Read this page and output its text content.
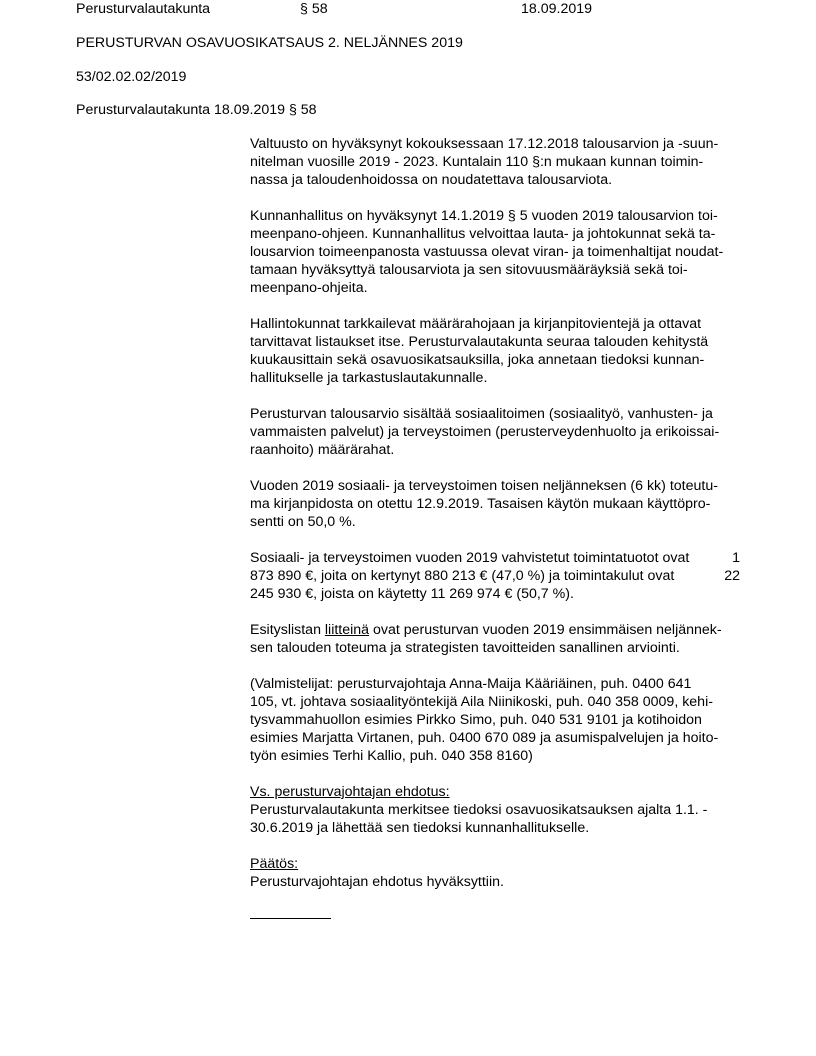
Perusturvalautakunta	§ 58	18.09.2019
PERUSTURVAN OSAVUOSIKATSAUS 2. NELJÄNNES 2019
53/02.02.02/2019
Perusturvalautakunta 18.09.2019 § 58
Valtuusto on hyväksynyt kokouksessaan 17.12.2018 talousarvion ja -suun-
nitelman vuosille 2019 - 2023. Kuntalain 110 §:n mukaan kunnan toimin-
nassa ja taloudenhoidossa on noudatettava talousarviota.
Kunnanhallitus on hyväksynyt 14.1.2019 § 5 vuoden 2019 talousarvion toi-
meenpano-ohjeen. Kunnanhallitus velvoittaa lauta- ja johtokunnat sekä ta-
lousarvion toimeenpanosta vastuussa olevat viran- ja toimenhaltijat noudat-
tamaan hyväksyttyä talousarviota ja sen sitovuusmääräyksiä sekä toi-
meenpano-ohjeita.
Hallintokunnat tarkkailevat määrärahojaan ja kirjanpitovientejä ja ottavat
tarvittavat listaukset itse. Perusturvalautakunta seuraa talouden kehitystä
kuukausittain sekä osavuosikatsauksilla, joka annetaan tiedoksi kunnan-
hallitukselle ja tarkastuslautakunnalle.
Perusturvan talousarvio sisältää sosiaalitoimen (sosiaalityö, vanhusten- ja
vammaisten palvelut) ja terveystoimen (perusterveydenhuolto ja erikoissai-
raanhoito) määrärahat.
Vuoden 2019 sosiaali- ja terveystoimen toisen neljänneksen (6 kk) toteutu-
ma kirjanpidosta on otettu 12.9.2019. Tasaisen käytön mukaan käyttöpro-
sentti on 50,0 %.
Sosiaali- ja terveystoimen vuoden 2019 vahvistetut toimintatuotot ovat	1
873 890 €, joita on kertynyt 880 213 € (47,0 %) ja toimintakulut ovat	22
245 930 €, joista on käytetty 11 269 974 € (50,7 %).
Esityslistan liitteinä ovat perusturvan vuoden 2019 ensimmäisen neljännek-
sen talouden toteuma ja strategisten tavoitteiden sanallinen arviointi.
(Valmistelijat: perusturvajohtaja Anna-Maija Kääriäinen, puh. 0400 641
105, vt. johtava sosiaalityöntekijä Aila Niinikoski, puh. 040 358 0009, kehi-
tysvammahuollon esimies Pirkko Simo, puh. 040 531 9101 ja kotihoidon
esimies Marjatta Virtanen, puh. 0400 670 089 ja asumispalvelujen ja hoito-
työn esimies Terhi Kallio, puh. 040 358 8160)
Vs. perusturvajohtajan ehdotus:
Perusturvalautakunta merkitsee tiedoksi osavuosikatsauksen ajalta 1.1. -
30.6.2019 ja lähettää sen tiedoksi kunnanhallitukselle.
Päätös:
Perusturvajohtajan ehdotus hyväksyttiin.
